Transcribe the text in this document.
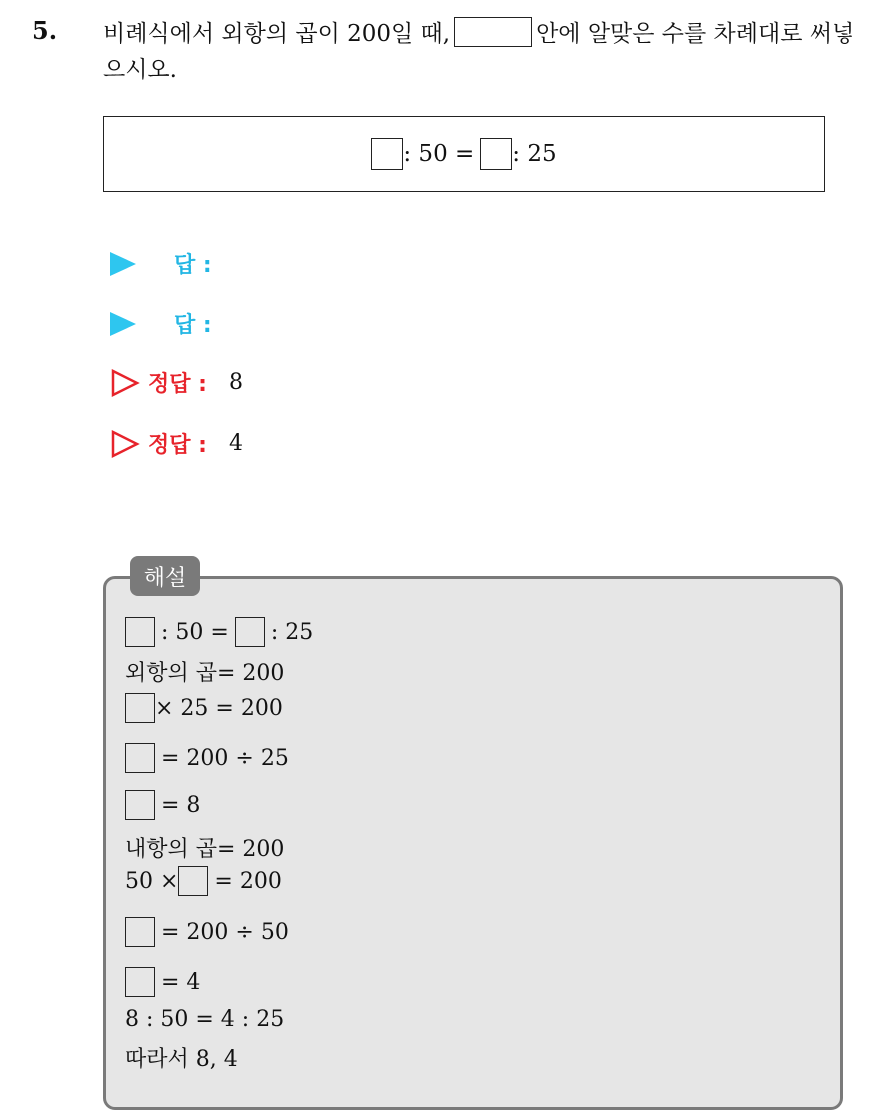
5. 비례식에서 외항의 곱이 200일 때,	안에 알맞은 수를 차례대로 써넣으시오.
: 50 = : 25
답 :
답 :
정답 : 8
정답 : 4
해설
: 50 = : 25
외항의 곱= 200
× 25 = 200
= 200 ÷ 25
= 8
내항의 곱= 200
50 × = 200
= 200 ÷ 50
= 4
8 : 50 = 4 : 25
따라서 8, 4
